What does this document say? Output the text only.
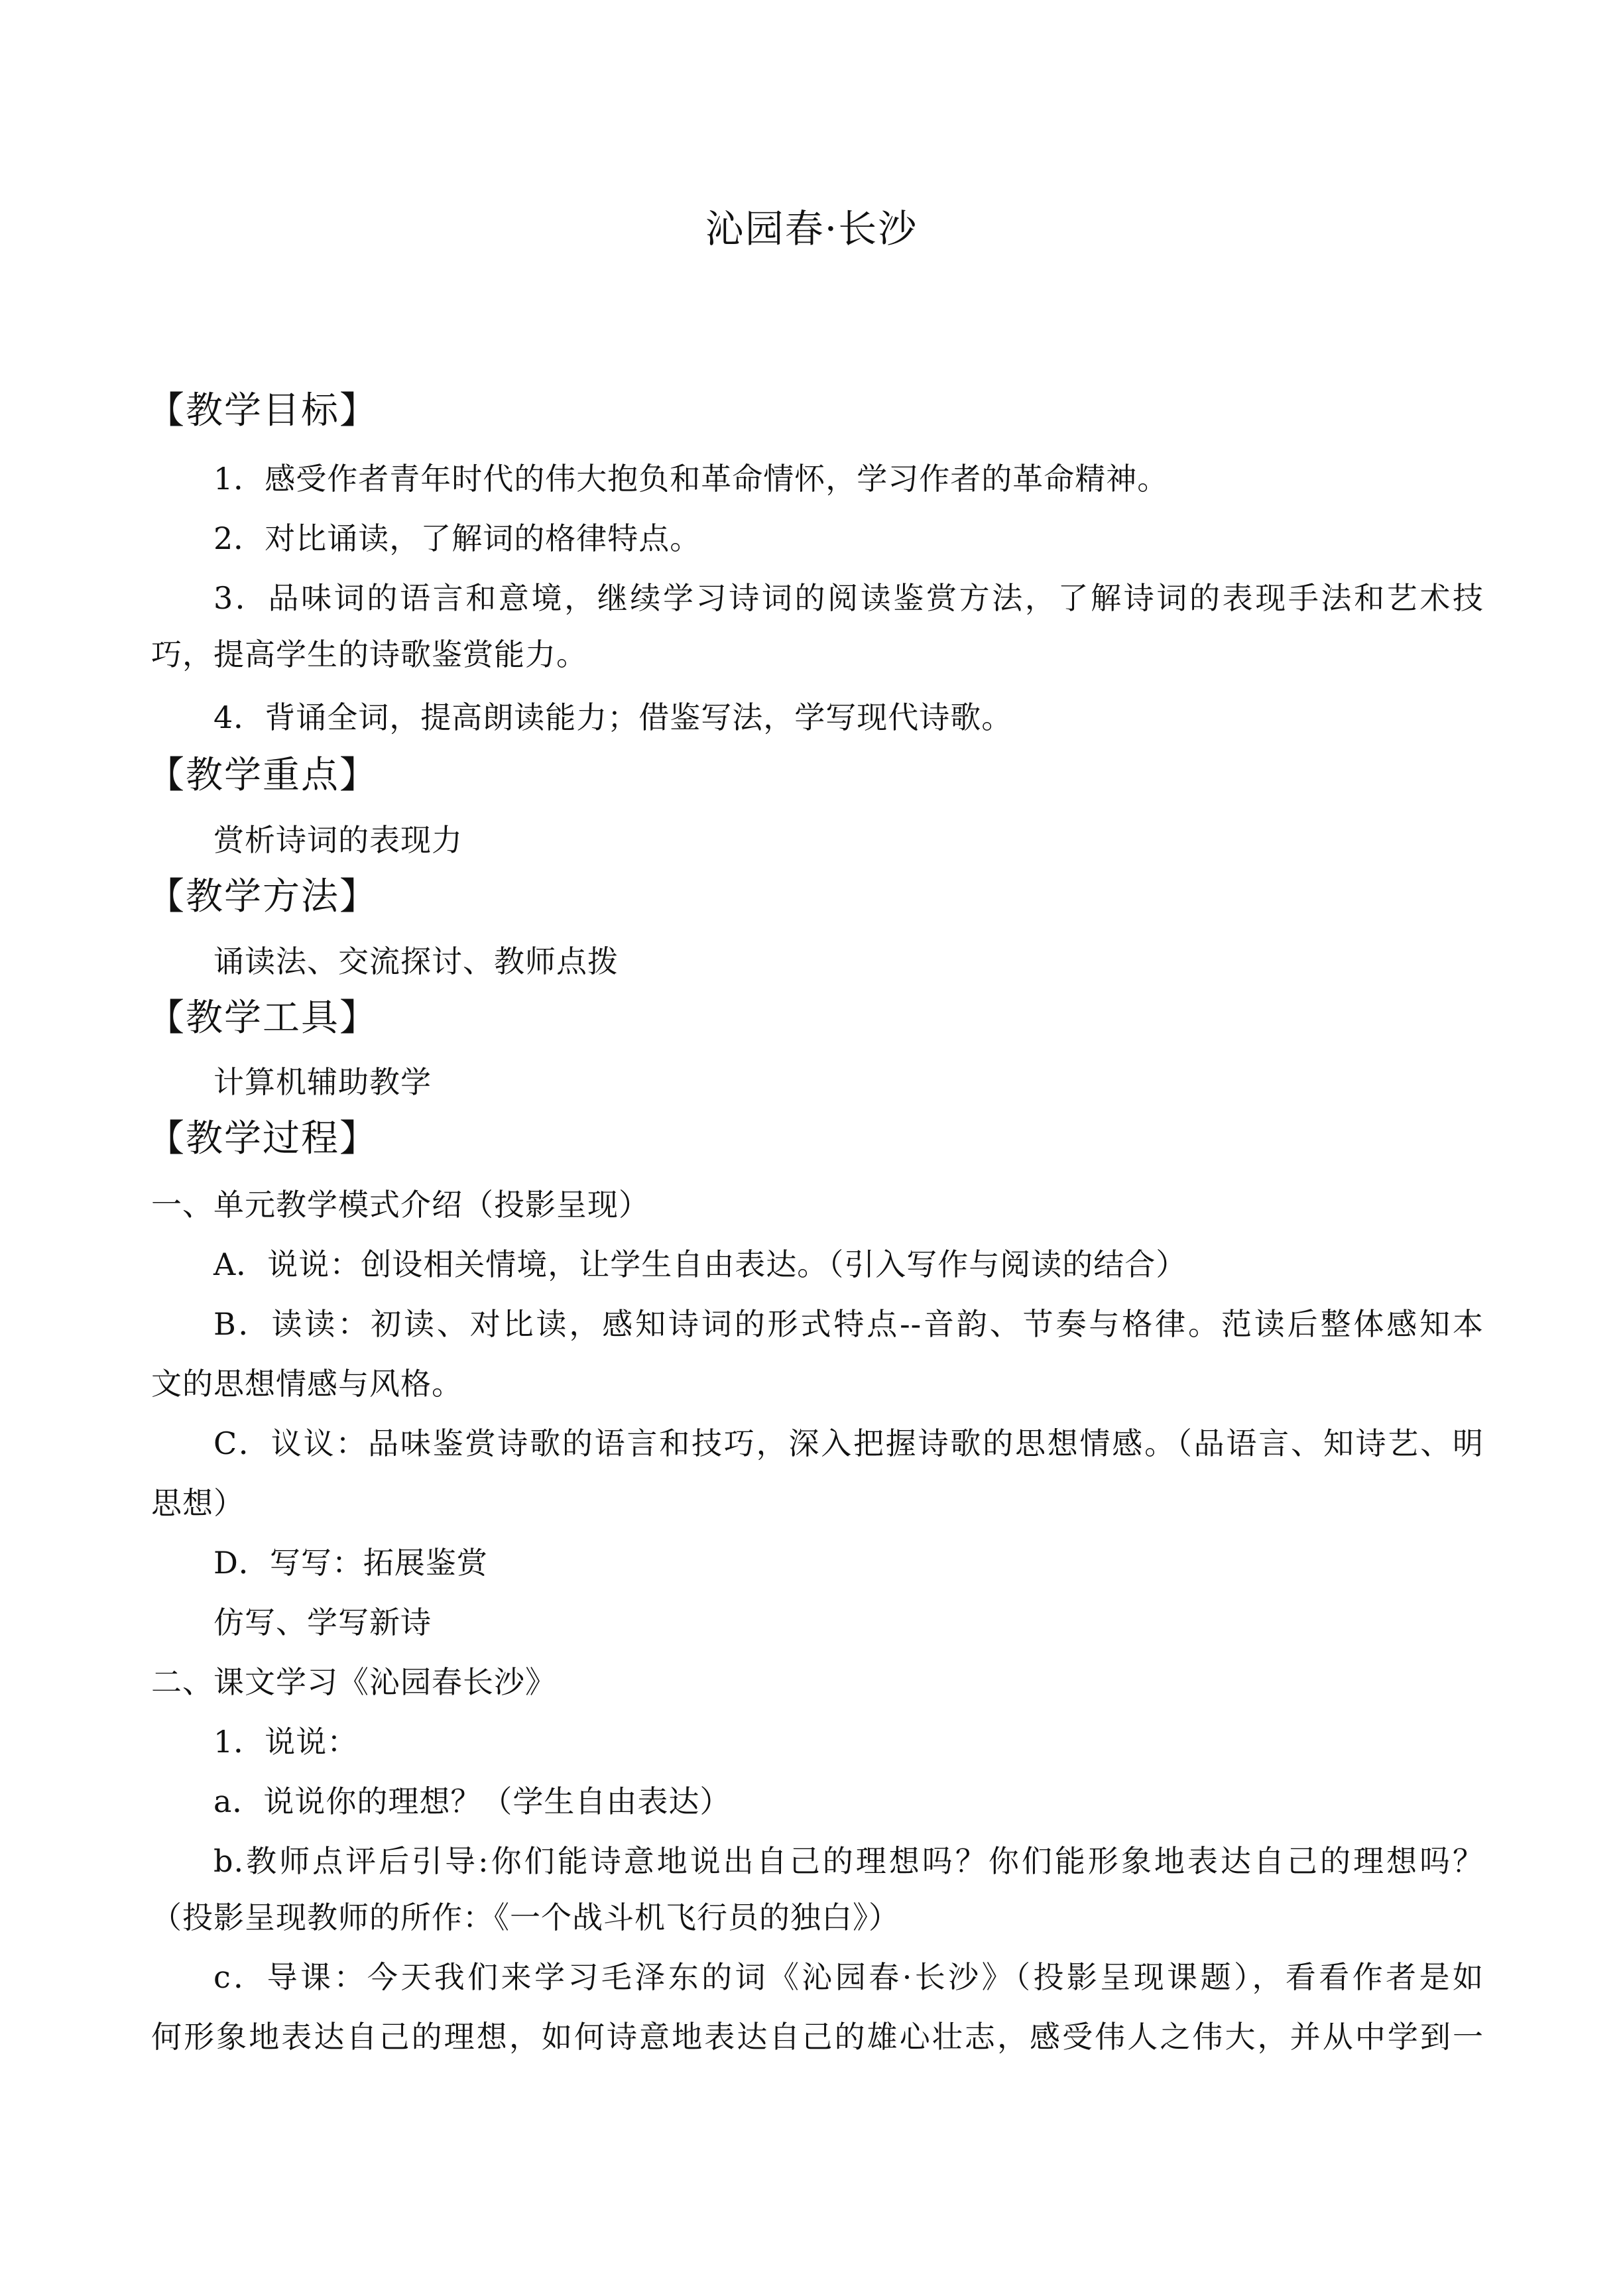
沁园春·长沙
【教学目标】
1．感受作者青年时代的伟大抱负和革命情怀，学习作者的革命精神。
2．对比诵读，了解词的格律特点。
3．品味词的语言和意境，继续学习诗词的阅读鉴赏方法，了解诗词的表现手法和艺术技
巧，提高学生的诗歌鉴赏能力。
4．背诵全词，提高朗读能力；借鉴写法，学写现代诗歌。
【教学重点】
赏析诗词的表现力
【教学方法】
诵读法、交流探讨、教师点拨
【教学工具】
计算机辅助教学
【教学过程】
一、单元教学模式介绍（投影呈现）
A．说说：创设相关情境，让学生自由表达。（引入写作与阅读的结合）
B．读读：初读、对比读，感知诗词的形式特点--音韵、节奏与格律。范读后整体感知本
文的思想情感与风格。
C．议议：品味鉴赏诗歌的语言和技巧，深入把握诗歌的思想情感。（品语言、知诗艺、明
思想）
D．写写：拓展鉴赏
仿写、学写新诗
二、课文学习《沁园春长沙》
1．说说：
a．说说你的理想？（学生自由表达）
b.教师点评后引导:你们能诗意地说出自己的理想吗？你们能形象地表达自己的理想吗？
（投影呈现教师的所作：《一个战斗机飞行员的独白》）
c．导课：今天我们来学习毛泽东的词《沁园春·长沙》（投影呈现课题），看看作者是如
何形象地表达自己的理想，如何诗意地表达自己的雄心壮志，感受伟人之伟大，并从中学到一
